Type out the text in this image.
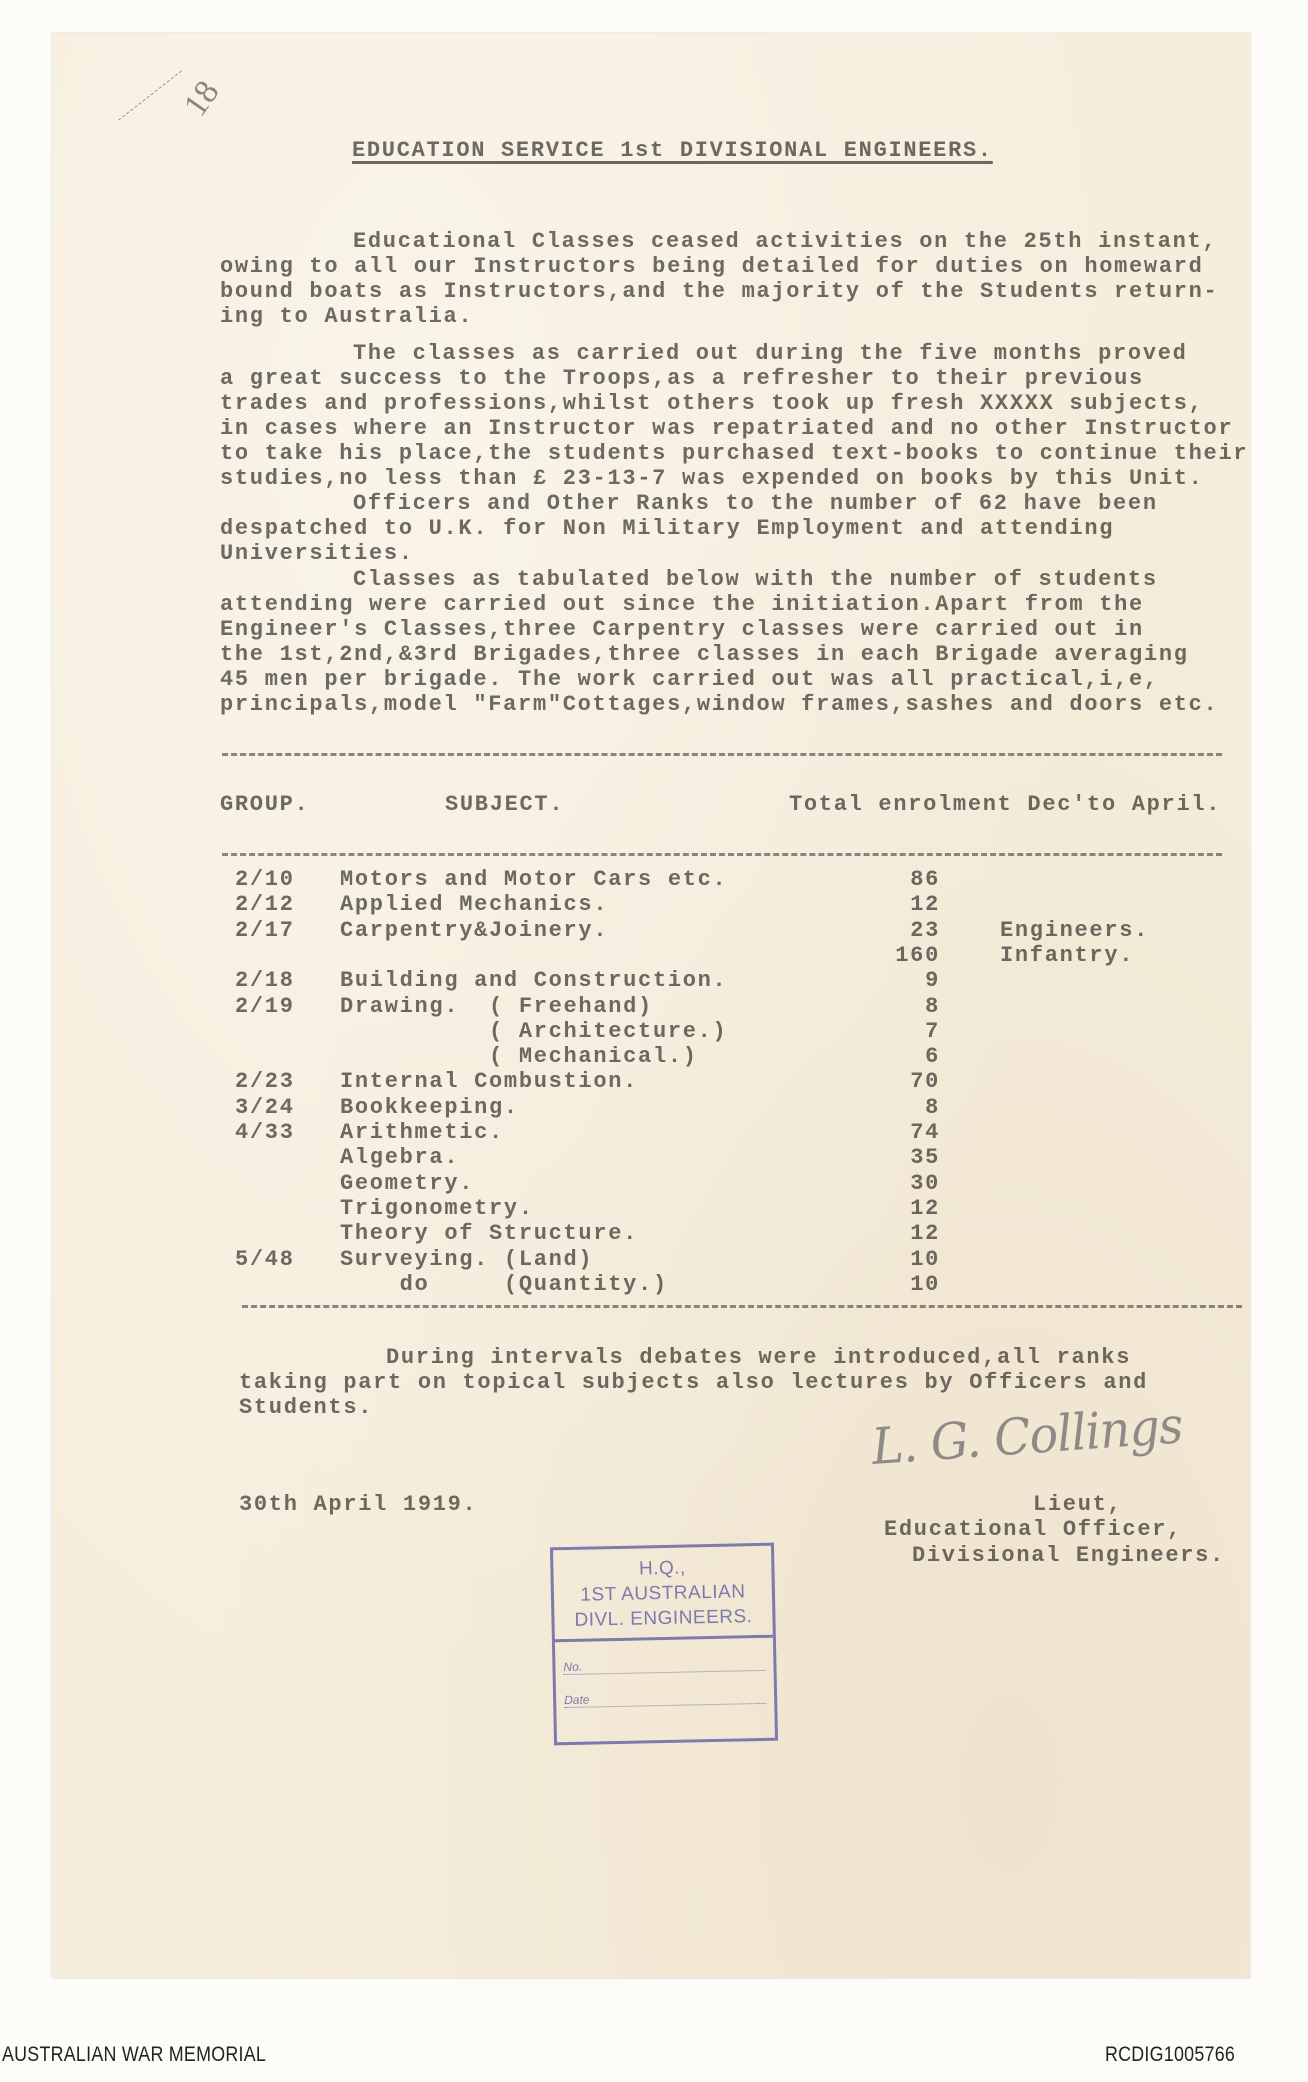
18
EDUCATION SERVICE 1st DIVISIONAL ENGINEERS.
Educational Classes ceased activities on the 25th instant,
owing to all our Instructors being detailed for duties on homeward
bound boats as Instructors,and the majority of the Students return-
ing to Australia.
The classes as carried out during the five months proved
a great success to the Troops,as a refresher to their previous
trades and professions,whilst others took up fresh XXXXX subjects,
in cases where an Instructor was repatriated and no other Instructor
to take his place,the students purchased text-books to continue their
studies,no less than £ 23-13-7 was expended on books by this Unit.
Officers and Other Ranks to the number of 62 have been
despatched to U.K. for Non Military Employment and attending
Universities.
Classes as tabulated below with the number of students
attending were carried out since the initiation.Apart from the
Engineer's Classes,three Carpentry classes were carried out in
the 1st,2nd,&3rd Brigades,three classes in each Brigade averaging
45 men per brigade. The work carried out was all practical,i,e,
principals,model "Farm"Cottages,window frames,sashes and doors etc.
During intervals debates were introduced,all ranks
taking part on topical subjects also lectures by Officers and
Students.
GROUP.	SUBJECT.	Total enrolment Dec'to April.
2/10 Motors and Motor Cars etc.	86
2/12 Applied Mechanics.	12
2/17 Carpentry&Joinery.	23	Engineers.
160	Infantry.
2/18 Building and Construction.	9
2/19 Drawing.  ( Freehand)	8
( Architecture.)	7
( Mechanical.)	6
2/23 Internal Combustion.	70
3/24 Bookkeeping.	8
4/33 Arithmetic.	74
Algebra.	35
Geometry.	30
Trigonometry.	12
Theory of Structure.	12
5/48 Surveying. (Land)	10
do     (Quantity.)	10
30th April 1919.
L. G. Collings
Lieut,
Educational Officer,
Divisional Engineers.
H.Q.,
1ST AUSTRALIAN
DIVL. ENGINEERS.
No.
Date
AUSTRALIAN WAR MEMORIAL	RCDIG1005766
